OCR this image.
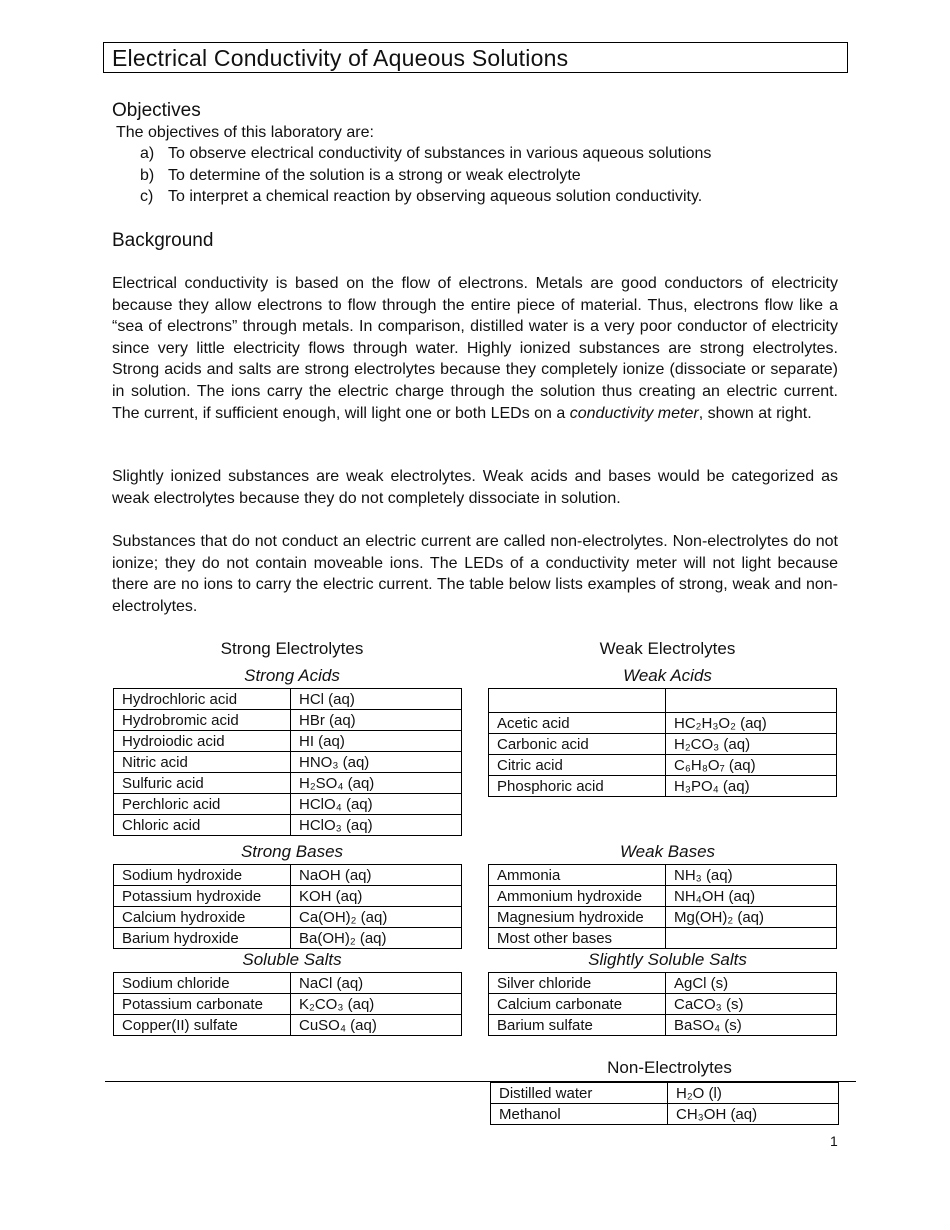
Electrical Conductivity of Aqueous Solutions
Objectives
The objectives of this laboratory are:
a) To observe electrical conductivity of substances in various aqueous solutions
b) To determine of the solution is a strong or weak electrolyte
c) To interpret a chemical reaction by observing aqueous solution conductivity.
Background

Electrical conductivity is based on the flow of electrons. Metals are good conductors of electricity because they allow electrons to flow through the entire piece of material. Thus, electrons flow like a “sea of electrons” through metals. In comparison, distilled water is a very poor conductor of electricity since very little electricity flows through water. Highly ionized substances are strong electrolytes. Strong acids and salts are strong electrolytes because they completely ionize (dissociate or separate) in solution. The ions carry the electric charge through the solution thus creating an electric current. The current, if sufficient enough, will light one or both LEDs on a conductivity meter, shown at right.

Slightly ionized substances are weak electrolytes. Weak acids and bases would be categorized as weak electrolytes because they do not completely dissociate in solution.

Substances that do not conduct an electric current are called non-electrolytes. Non-electrolytes do not ionize; they do not contain moveable ions. The LEDs of a conductivity meter will not light because there are no ions to carry the electric current. The table below lists examples of strong, weak and non-electrolytes.

Strong Electrolytes	Weak Electrolytes
Strong Acids
Hydrochloric acid	HCl (aq)
Hydrobromic acid	HBr (aq)
Hydroiodic acid	HI (aq)
Nitric acid	HNO₃ (aq)
Sulfuric acid	H₂SO₄ (aq)
Perchloric acid	HClO₄ (aq)
Chloric acid	HClO₃ (aq)
Weak Acids

Acetic acid	HC₂H₃O₂ (aq)
Carbonic acid	H₂CO₃ (aq)
Citric acid	C₆H₈O₇ (aq)
Phosphoric acid	H₃PO₄ (aq)
Strong Bases
Sodium hydroxide	NaOH (aq)
Potassium hydroxide	KOH (aq)
Calcium hydroxide	Ca(OH)₂ (aq)
Barium hydroxide	Ba(OH)₂ (aq)
Weak Bases
Ammonia	NH₃ (aq)
Ammonium hydroxide	NH₄OH (aq)
Magnesium hydroxide	Mg(OH)₂ (aq)
Most other bases	
Soluble Salts
Sodium chloride	NaCl (aq)
Potassium carbonate	K₂CO₃ (aq)
Copper(II) sulfate	CuSO₄ (aq)
Slightly Soluble Salts
Silver chloride	AgCl (s)
Calcium carbonate	CaCO₃ (s)
Barium sulfate	BaSO₄ (s)
Non-Electrolytes
Distilled water	H₂O (l)
Methanol	CH₃OH (aq)
1
